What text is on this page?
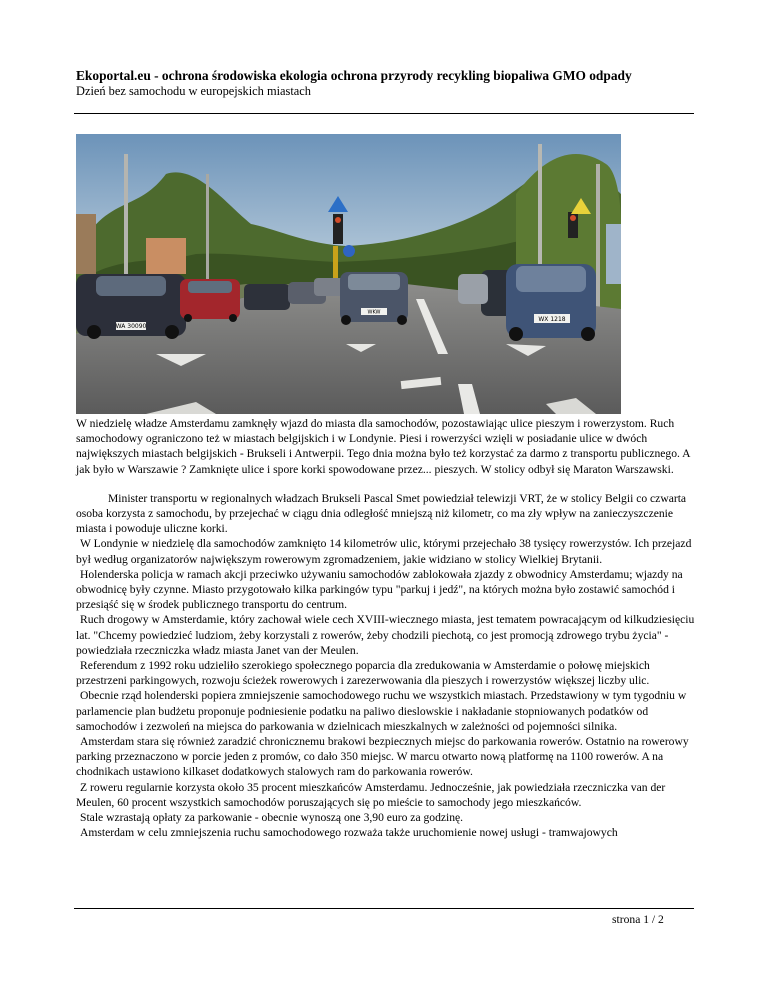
Ekoportal.eu - ochrona środowiska ekologia ochrona przyrody recykling biopaliwa GMO odpady

Dzień bez samochodu w europejskich miastach

WA 30090
WKW
WX 1218

W niedzielę władze Amsterdamu zamknęły wjazd do miasta dla samochodów, pozostawiając ulice pieszym i rowerzystom. Ruch samochodowy ograniczono też w miastach belgijskich i w Londynie. Piesi i rowerzyści wzięli w posiadanie ulice w dwóch największych miastach belgijskich - Brukseli i Antwerpii. Tego dnia można było też korzystać za darmo z transportu publicznego. A jak było w Warszawie ? Zamknięte ulice i spore korki spowodowane przez... pieszych. W stolicy odbył się Maraton Warszawski.

Minister transportu w regionalnych władzach Brukseli Pascal Smet powiedział telewizji VRT, że w stolicy Belgii co czwarta osoba korzysta z samochodu, by przejechać w ciągu dnia odległość mniejszą niż kilometr, co ma zły wpływ na zanieczyszczenie miasta i powoduje uliczne korki.

W Londynie w niedzielę dla samochodów zamknięto 14 kilometrów ulic, którymi przejechało 38 tysięcy rowerzystów. Ich przejazd był według organizatorów największym rowerowym zgromadzeniem, jakie widziano w stolicy Wielkiej Brytanii.

Holenderska policja w ramach akcji przeciwko używaniu samochodów zablokowała zjazdy z obwodnicy Amsterdamu; wjazdy na obwodnicę były czynne. Miasto przygotowało kilka parkingów typu "parkuj i jedź", na których można było zostawić samochód i przesiąść się w środek publicznego transportu do centrum.

Ruch drogowy w Amsterdamie, który zachował wiele cech XVIII-wiecznego miasta, jest tematem powracającym od kilkudziesięciu lat. "Chcemy powiedzieć ludziom, żeby korzystali z rowerów, żeby chodzili piechotą, co jest promocją zdrowego trybu życia" - powiedziała rzeczniczka władz miasta Janet van der Meulen.

Referendum z 1992 roku udzieliło szerokiego społecznego poparcia dla zredukowania w Amsterdamie o połowę miejskich przestrzeni parkingowych, rozwoju ścieżek rowerowych i zarezerwowania dla pieszych i rowerzystów większej liczby ulic.

Obecnie rząd holenderski popiera zmniejszenie samochodowego ruchu we wszystkich miastach. Przedstawiony w tym tygodniu w parlamencie plan budżetu proponuje podniesienie podatku na paliwo dieslowskie i nakładanie stopniowanych podatków od samochodów i zezwoleń na miejsca do parkowania w dzielnicach mieszkalnych w zależności od pojemności silnika.

Amsterdam stara się również zaradzić chronicznemu brakowi bezpiecznych miejsc do parkowania rowerów. Ostatnio na rowerowy parking przeznaczono w porcie jeden z promów, co dało 350 miejsc. W marcu otwarto nową platformę na 1100 rowerów. A na chodnikach ustawiono kilkaset dodatkowych stalowych ram do parkowania rowerów.

Z roweru regularnie korzysta około 35 procent mieszkańców Amsterdamu. Jednocześnie, jak powiedziała rzeczniczka van der Meulen, 60 procent wszystkich samochodów poruszających się po mieście to samochody jego mieszkańców.

Stale wzrastają opłaty za parkowanie - obecnie wynoszą one 3,90 euro za godzinę.

Amsterdam w celu zmniejszenia ruchu samochodowego rozważa także uruchomienie nowej usługi - tramwajowych

strona 1 / 2
